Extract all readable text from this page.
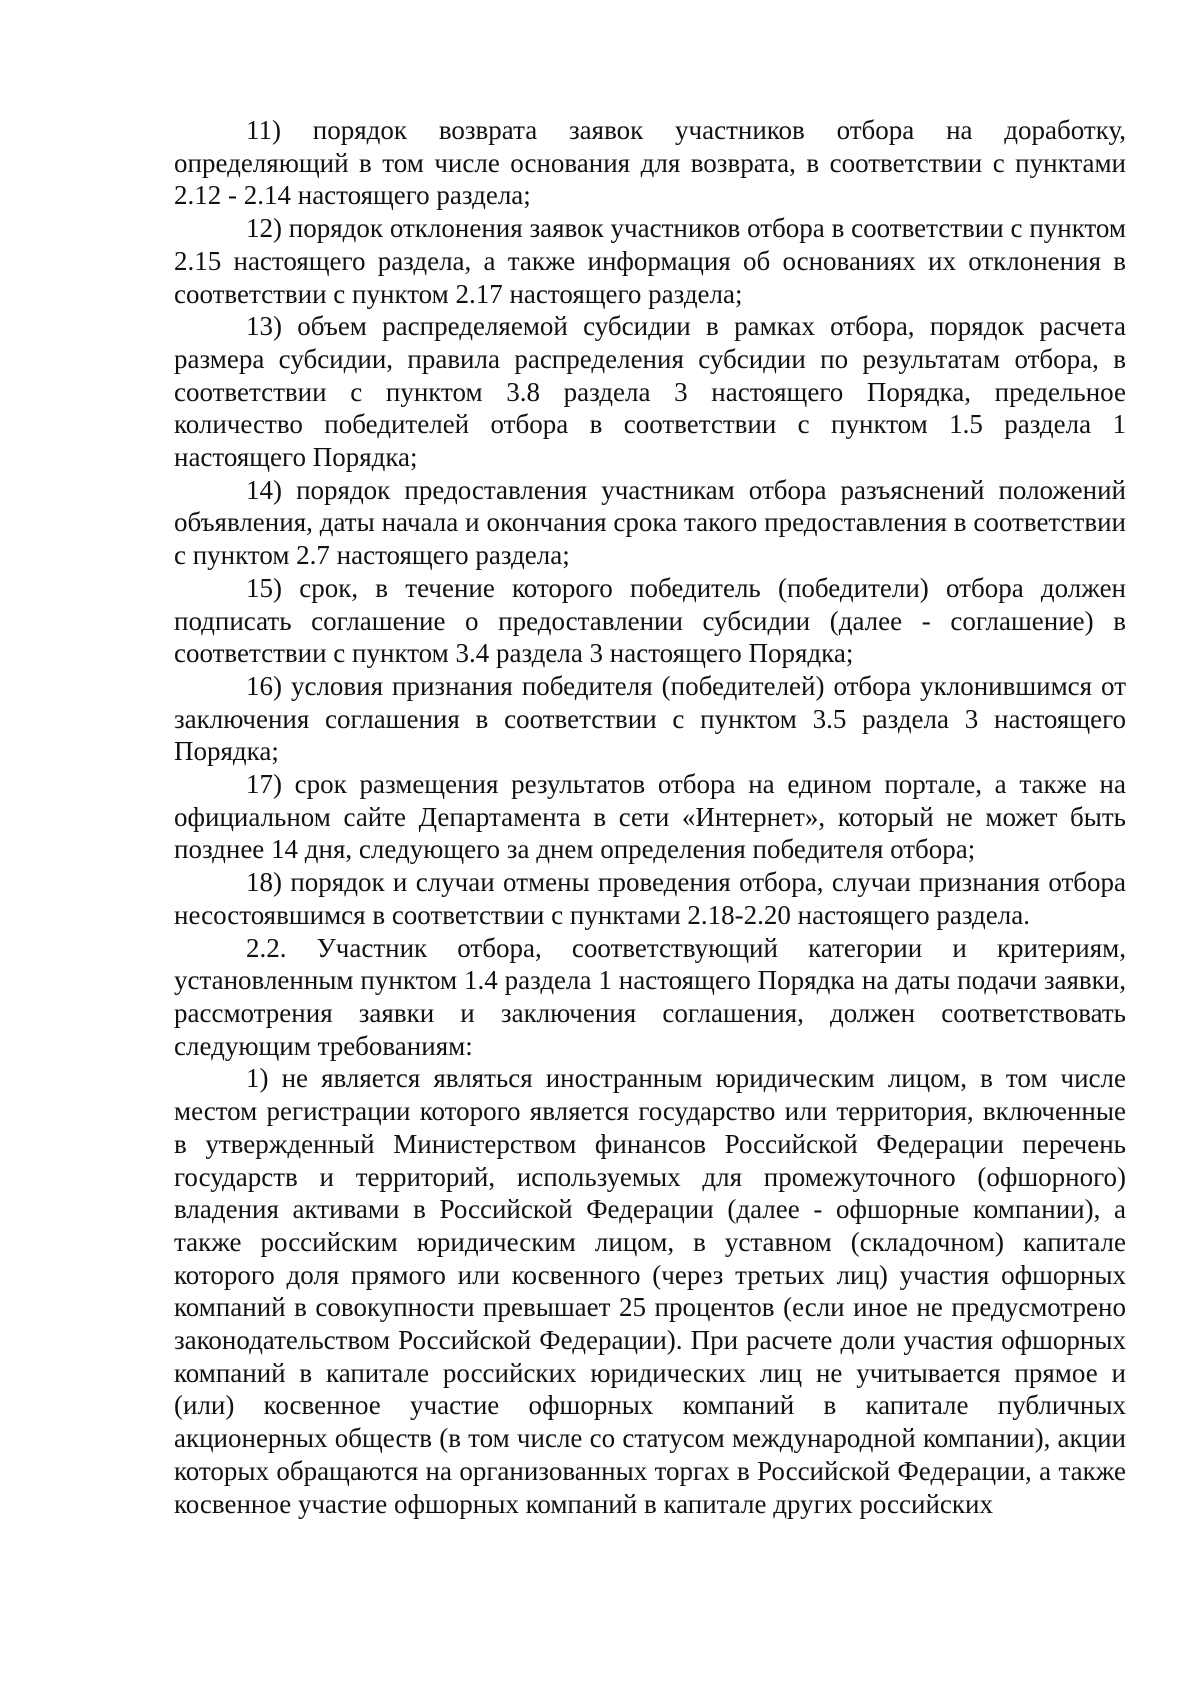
11) порядок возврата заявок участников отбора на доработку, определяющий в том числе основания для возврата, в соответствии с пунктами 2.12 - 2.14 настоящего раздела;

12) порядок отклонения заявок участников отбора в соответствии с пунктом 2.15 настоящего раздела, а также информация об основаниях их отклонения в соответствии с пунктом 2.17 настоящего раздела;

13) объем распределяемой субсидии в рамках отбора, порядок расчета размера субсидии, правила распределения субсидии по результатам отбора, в соответствии с пунктом 3.8 раздела 3 настоящего Порядка, предельное количество победителей отбора в соответствии с пунктом 1.5 раздела 1 настоящего Порядка;

14) порядок предоставления участникам отбора разъяснений положений объявления, даты начала и окончания срока такого предоставления в соответствии с пунктом 2.7 настоящего раздела;

15) срок, в течение которого победитель (победители) отбора должен подписать соглашение о предоставлении субсидии (далее - соглашение) в соответствии с пунктом 3.4 раздела 3 настоящего Порядка;

16) условия признания победителя (победителей) отбора уклонившимся от заключения соглашения в соответствии с пунктом 3.5 раздела 3 настоящего Порядка;

17) срок размещения результатов отбора на едином портале, а также на официальном сайте Департамента в сети «Интернет», который не может быть позднее 14 дня, следующего за днем определения победителя отбора;

18) порядок и случаи отмены проведения отбора, случаи признания отбора несостоявшимся в соответствии с пунктами 2.18-2.20 настоящего раздела.

2.2. Участник отбора, соответствующий категории и критериям, установленным пунктом 1.4 раздела 1 настоящего Порядка на даты подачи заявки, рассмотрения заявки и заключения соглашения, должен соответствовать следующим требованиям:

1) не является являться иностранным юридическим лицом, в том числе местом регистрации которого является государство или территория, включенные в утвержденный Министерством финансов Российской Федерации перечень государств и территорий, используемых для промежуточного (офшорного) владения активами в Российской Федерации (далее - офшорные компании), а также российским юридическим лицом, в уставном (складочном) капитале которого доля прямого или косвенного (через третьих лиц) участия офшорных компаний в совокупности превышает 25 процентов (если иное не предусмотрено законодательством Российской Федерации). При расчете доли участия офшорных компаний в капитале российских юридических лиц не учитывается прямое и (или) косвенное участие офшорных компаний в капитале публичных акционерных обществ (в том числе со статусом международной компании), акции которых обращаются на организованных торгах в Российской Федерации, а также косвенное участие офшорных компаний в капитале других российских
